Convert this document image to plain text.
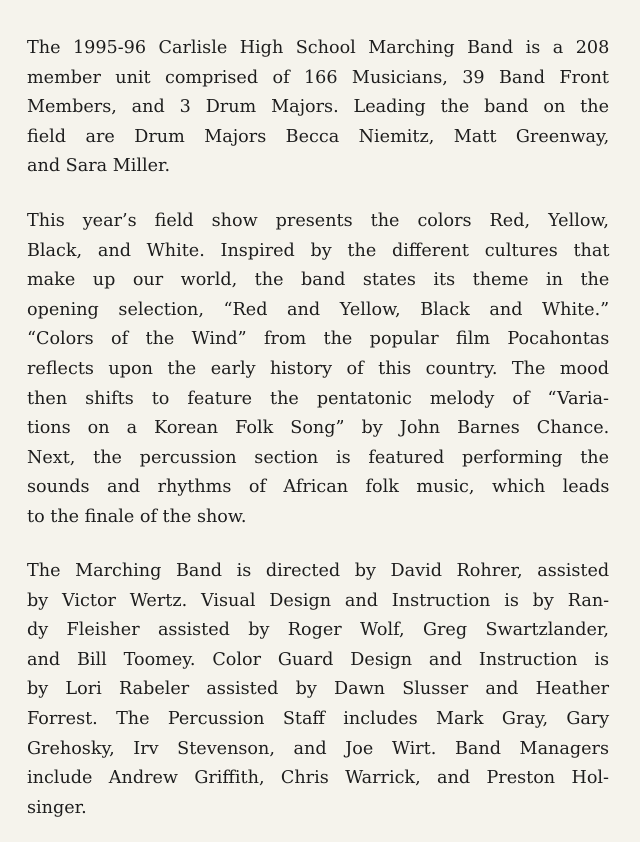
The 1995-96 Carlisle High School Marching Band is a 208
member unit comprised of 166 Musicians, 39 Band Front
Members, and 3 Drum Majors. Leading the band on the
field are Drum Majors Becca Niemitz, Matt Greenway,
and Sara Miller.

This year’s field show presents the colors Red, Yellow,
Black, and White. Inspired by the different cultures that
make up our world, the band states its theme in the
opening selection, “Red and Yellow, Black and White.”
“Colors of the Wind” from the popular film Pocahontas
reflects upon the early history of this country. The mood
then shifts to feature the pentatonic melody of “Varia-
tions on a Korean Folk Song” by John Barnes Chance.
Next, the percussion section is featured performing the
sounds and rhythms of African folk music, which leads
to the finale of the show.

The Marching Band is directed by David Rohrer, assisted
by Victor Wertz. Visual Design and Instruction is by Ran-
dy Fleisher assisted by Roger Wolf, Greg Swartzlander,
and Bill Toomey. Color Guard Design and Instruction is
by Lori Rabeler assisted by Dawn Slusser and Heather
Forrest. The Percussion Staff includes Mark Gray, Gary
Grehosky, Irv Stevenson, and Joe Wirt. Band Managers
include Andrew Griffith, Chris Warrick, and Preston Hol-
singer.
